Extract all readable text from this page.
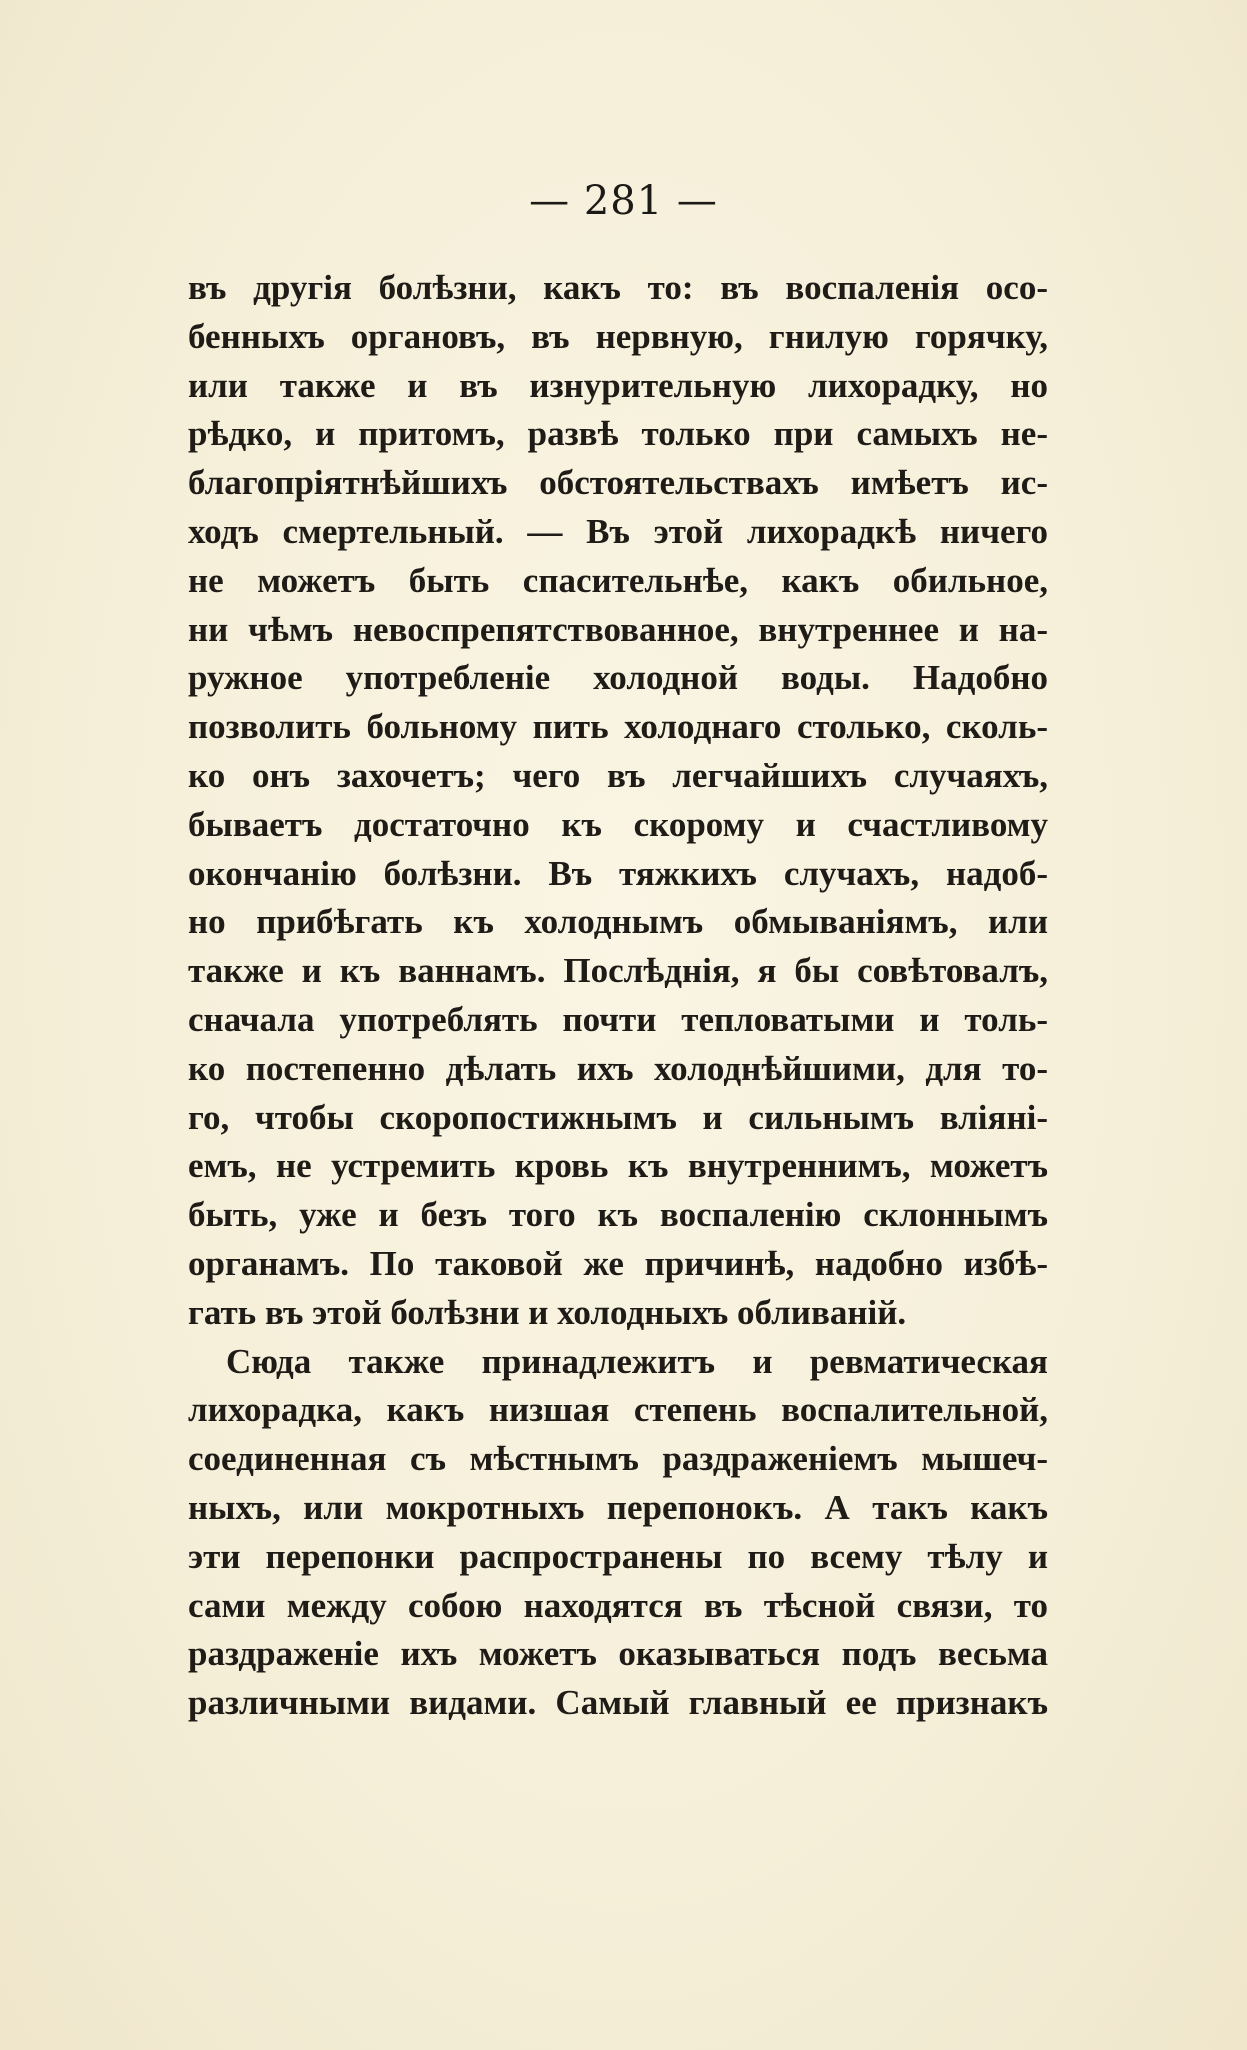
— 281 —
въ другія болѣзни, какъ то: въ воспаленія осо-
бенныхъ органовъ, въ нервную, гнилую горячку,
или также и въ изнурительную лихорадку, но
рѣдко, и притомъ, развѣ только при самыхъ не-
благопріятнѣйшихъ обстоятельствахъ имѣетъ ис-
ходъ смертельный. — Въ этой лихорадкѣ ничего
не можетъ быть спасительнѣе, какъ обильное,
ни чѣмъ невоспрепятствованное, внутреннее и на-
ружное употребленіе холодной воды. Надобно
позволить больному пить холоднаго столько, сколь-
ко онъ захочетъ; чего въ легчайшихъ случаяхъ,
бываетъ достаточно къ скорому и счастливому
окончанію болѣзни. Въ тяжкихъ случахъ, надоб-
но прибѣгать къ холоднымъ обмываніямъ, или
также и къ ваннамъ. Послѣднія, я бы совѣтовалъ,
сначала употреблять почти тепловатыми и толь-
ко постепенно дѣлать ихъ холоднѣйшими, для то-
го, чтобы скоропостижнымъ и сильнымъ вліяні-
емъ, не устремить кровь къ внутреннимъ, можетъ
быть, уже и безъ того къ воспаленію склоннымъ
органамъ. По таковой же причинѣ, надобно избѣ-
гать въ этой болѣзни и холодныхъ обливаній.
Сюда также принадлежитъ и ревматическая
лихорадка, какъ низшая степень воспалительной,
соединенная съ мѣстнымъ раздраженіемъ мышеч-
ныхъ, или мокротныхъ перепонокъ. А такъ какъ
эти перепонки распространены по всему тѣлу и
сами между собою находятся въ тѣсной связи, то
раздраженіе ихъ можетъ оказываться подъ весьма
различными видами. Самый главный ее признакъ
